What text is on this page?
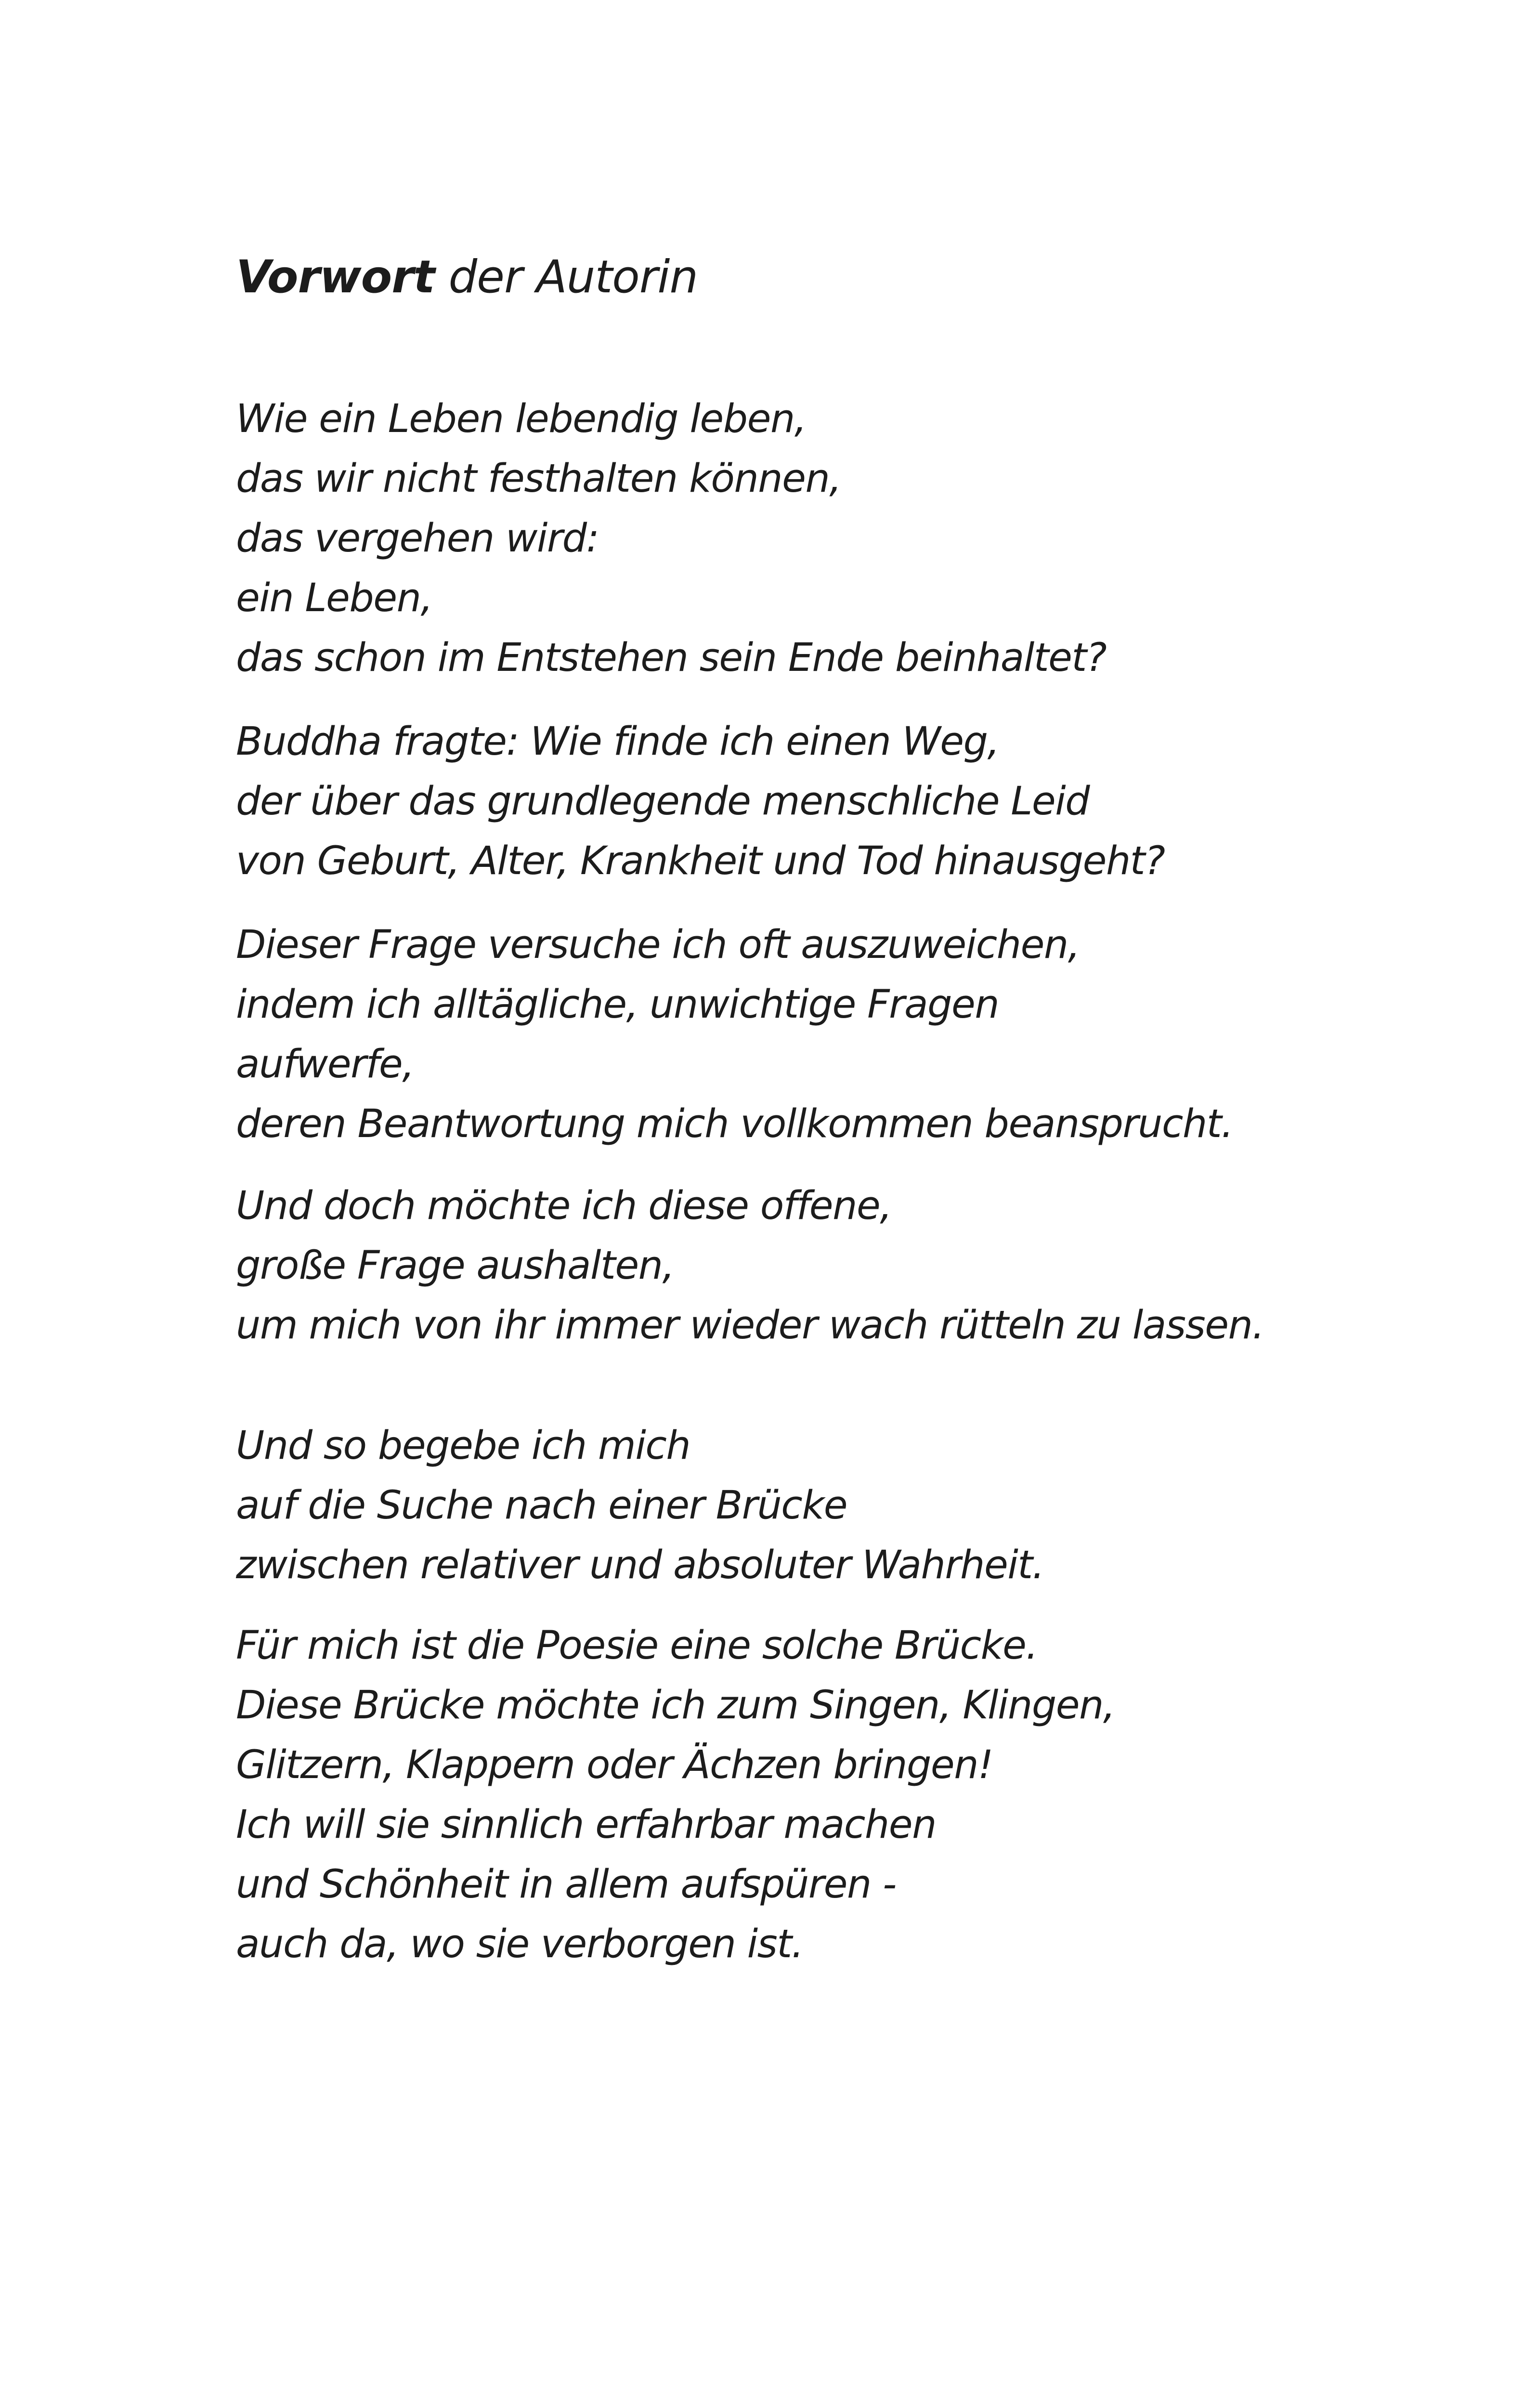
Vorwort der Autorin

Wie ein Leben lebendig leben,
das wir nicht festhalten können,
das vergehen wird:
ein Leben,
das schon im Entstehen sein Ende beinhaltet?

Buddha fragte: Wie finde ich einen Weg,
der über das grundlegende menschliche Leid
von Geburt, Alter, Krankheit und Tod hinausgeht?

Dieser Frage versuche ich oft auszuweichen,
indem ich alltägliche, unwichtige Fragen
aufwerfe,
deren Beantwortung mich vollkommen beansprucht.

Und doch möchte ich diese offene,
große Frage aushalten,
um mich von ihr immer wieder wach rütteln zu lassen.

Und so begebe ich mich
auf die Suche nach einer Brücke
zwischen relativer und absoluter Wahrheit.

Für mich ist die Poesie eine solche Brücke.
Diese Brücke möchte ich zum Singen, Klingen,
Glitzern, Klappern oder Ächzen bringen!
Ich will sie sinnlich erfahrbar machen
und Schönheit in allem aufspüren -
auch da, wo sie verborgen ist.
